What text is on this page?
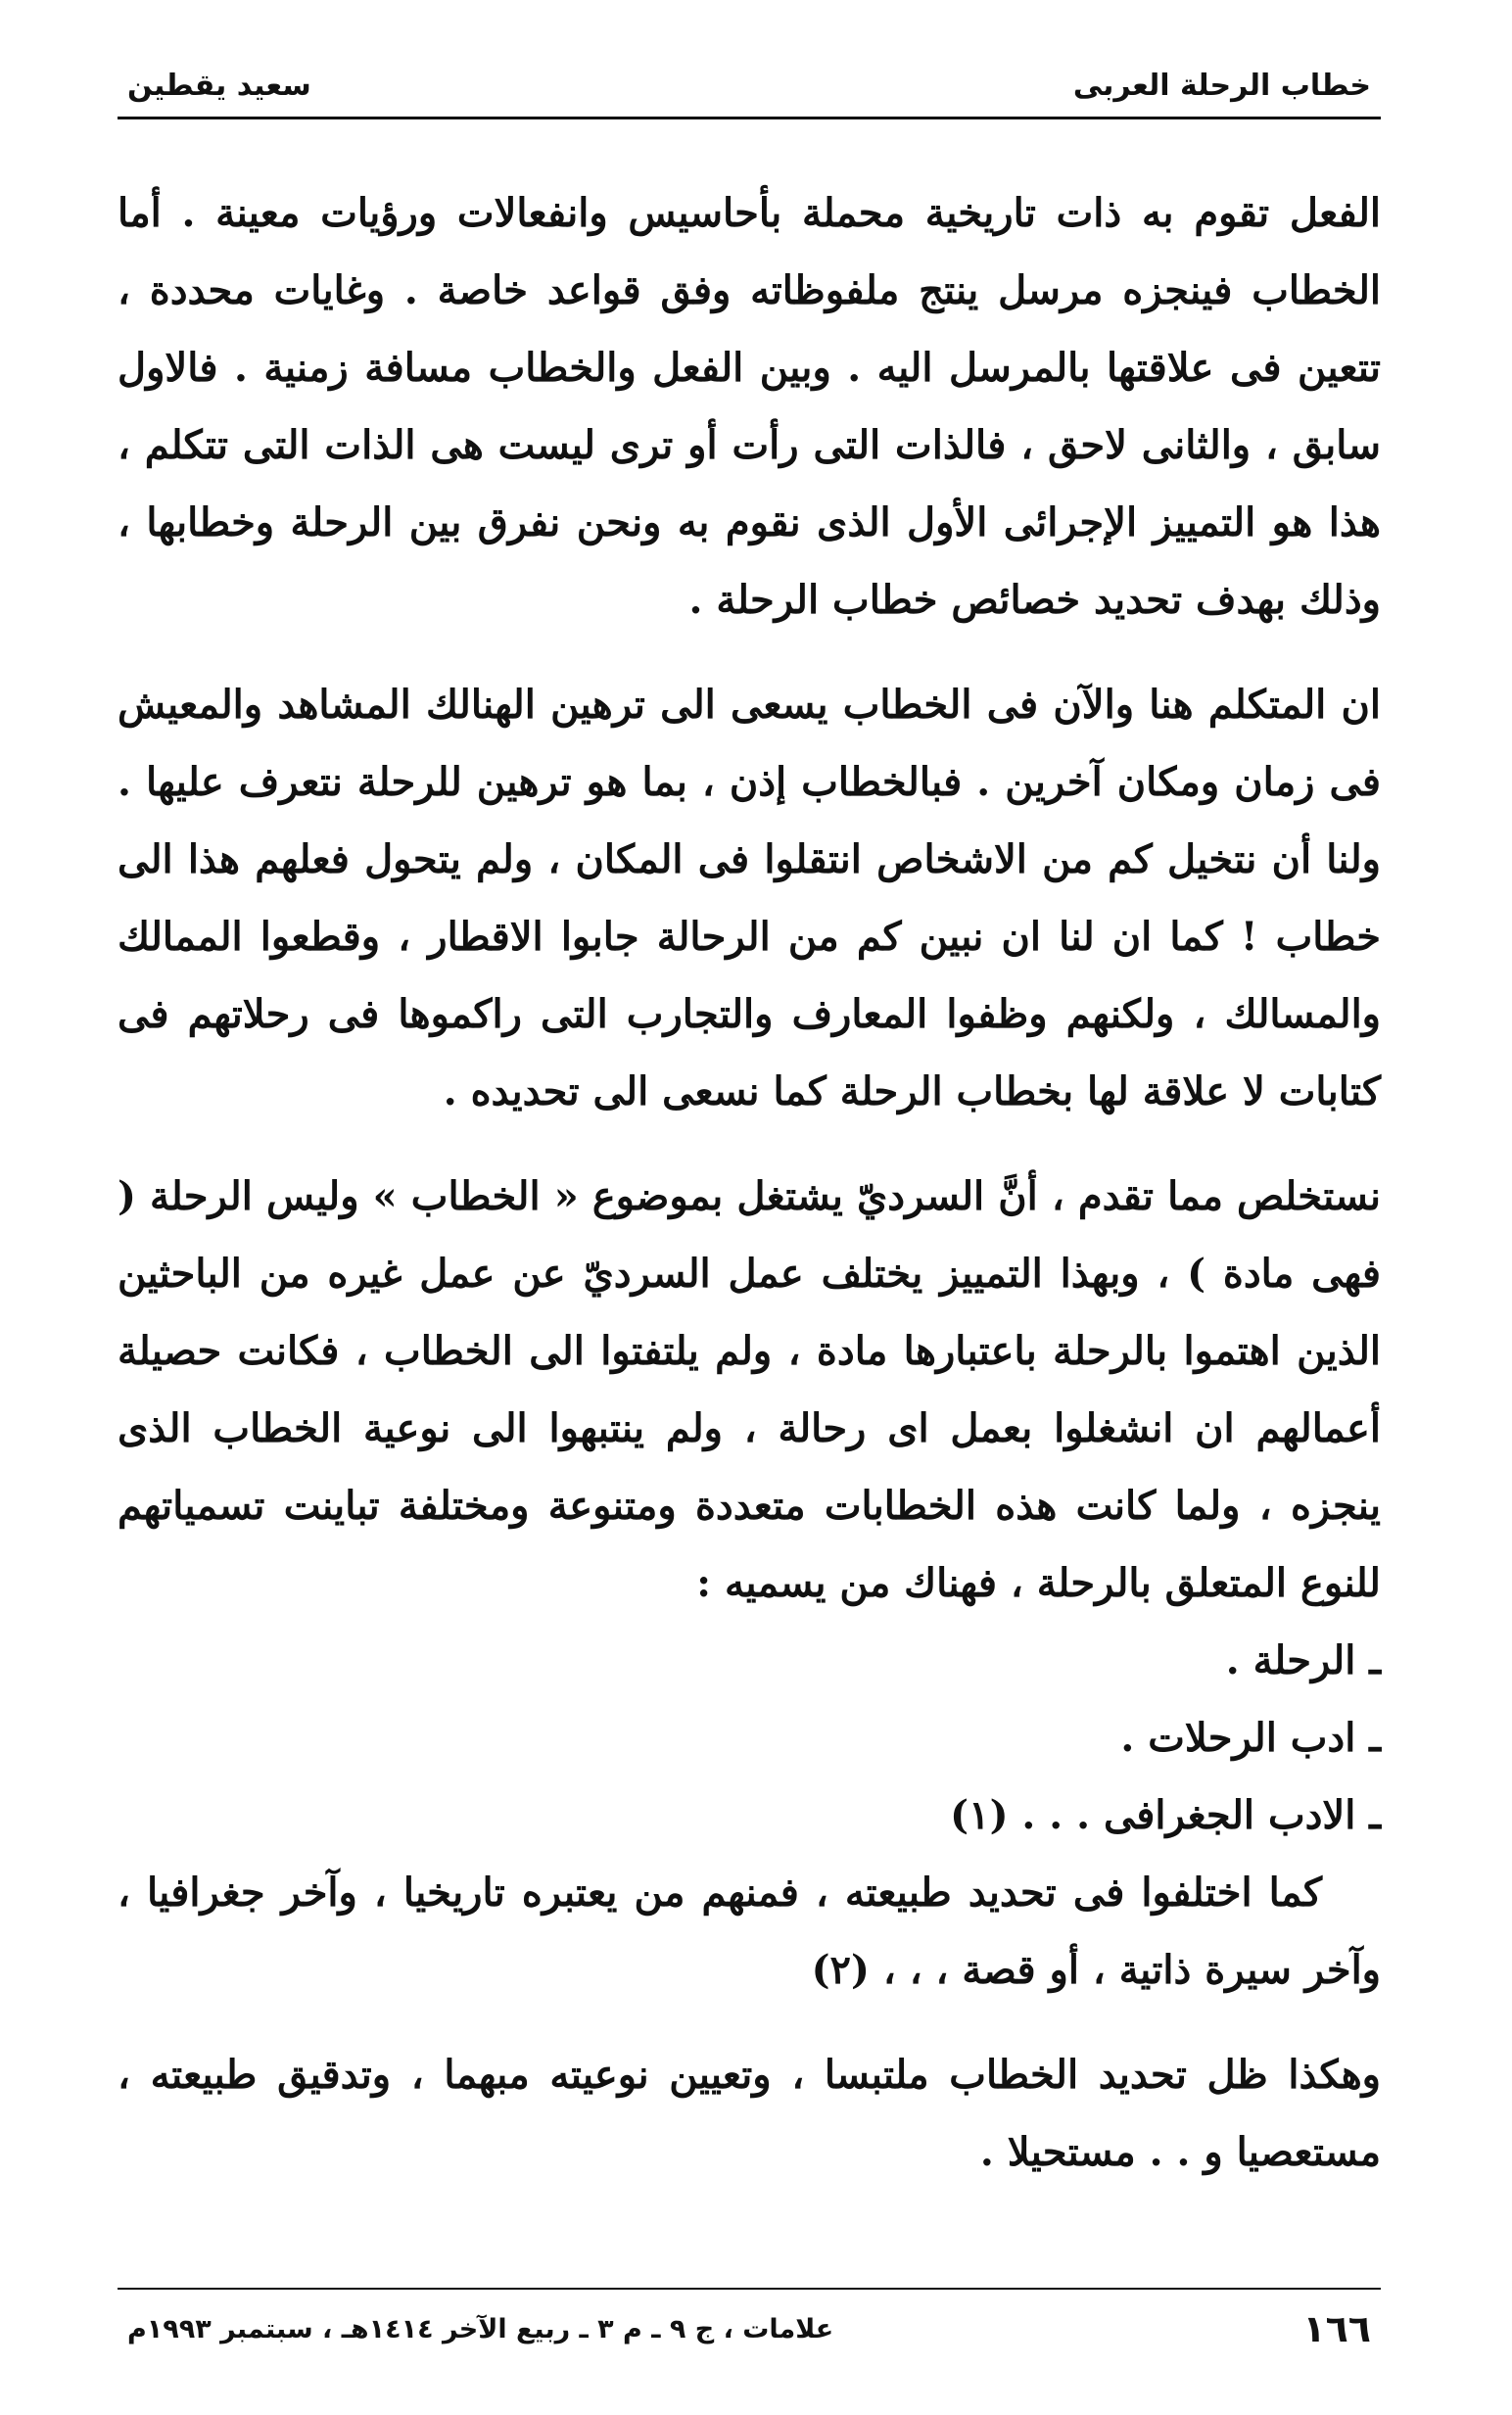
خطاب الرحلة العربى
سعيد يقطين

الفعل تقوم به ذات تاريخية محملة بأحاسيس وانفعالات ورؤيات معينة . أما الخطاب فينجزه مرسل ينتج ملفوظاته وفق قواعد خاصة . وغايات محددة ، تتعين فى علاقتها بالمرسل اليه . وبين الفعل والخطاب مسافة زمنية . فالاول سابق ، والثانى لاحق ، فالذات التى رأت أو ترى ليست هى الذات التى تتكلم ، هذا هو التمييز الإجرائى الأول الذى نقوم به ونحن نفرق بين الرحلة وخطابها ، وذلك بهدف تحديد خصائص خطاب الرحلة .

ان المتكلم هنا والآن فى الخطاب يسعى الى ترهين الهنالك المشاهد والمعيش فى زمان ومكان آخرين . فبالخطاب إذن ، بما هو ترهين للرحلة نتعرف عليها . ولنا أن نتخيل كم من الاشخاص انتقلوا فى المكان ، ولم يتحول فعلهم هذا الى خطاب ! كما ان لنا ان نبين كم من الرحالة جابوا الاقطار ، وقطعوا الممالك والمسالك ، ولكنهم وظفوا المعارف والتجارب التى راكموها فى رحلاتهم فى كتابات لا علاقة لها بخطاب الرحلة كما نسعى الى تحديده .

نستخلص مما تقدم ، أنَّ السرديّ يشتغل بموضوع « الخطاب » وليس الرحلة ( فهى مادة ) ، وبهذا التمييز يختلف عمل السرديّ عن عمل غيره من الباحثين الذين اهتموا بالرحلة باعتبارها مادة ، ولم يلتفتوا الى الخطاب ، فكانت حصيلة أعمالهم ان انشغلوا بعمل اى رحالة ، ولم ينتبهوا الى نوعية الخطاب الذى ينجزه ، ولما كانت هذه الخطابات متعددة ومتنوعة ومختلفة تباينت تسمياتهم للنوع المتعلق بالرحلة ، فهناك من يسميه :

ـ الرحلة .
ـ ادب الرحلات .
ـ الادب الجغرافى . . . (١)

كما اختلفوا فى تحديد طبيعته ، فمنهم من يعتبره تاريخيا ، وآخر جغرافيا ، وآخر سيرة ذاتية ، أو قصة ، ، ، (٢)

وهكذا ظل تحديد الخطاب ملتبسا ، وتعيين نوعيته مبهما ، وتدقيق طبيعته ، مستعصيا و . . مستحيلا .

١٦٦
علامات ، ج ٩ ـ م ٣ ـ ربيع الآخر ١٤١٤هـ ، سبتمبر ١٩٩٣م
